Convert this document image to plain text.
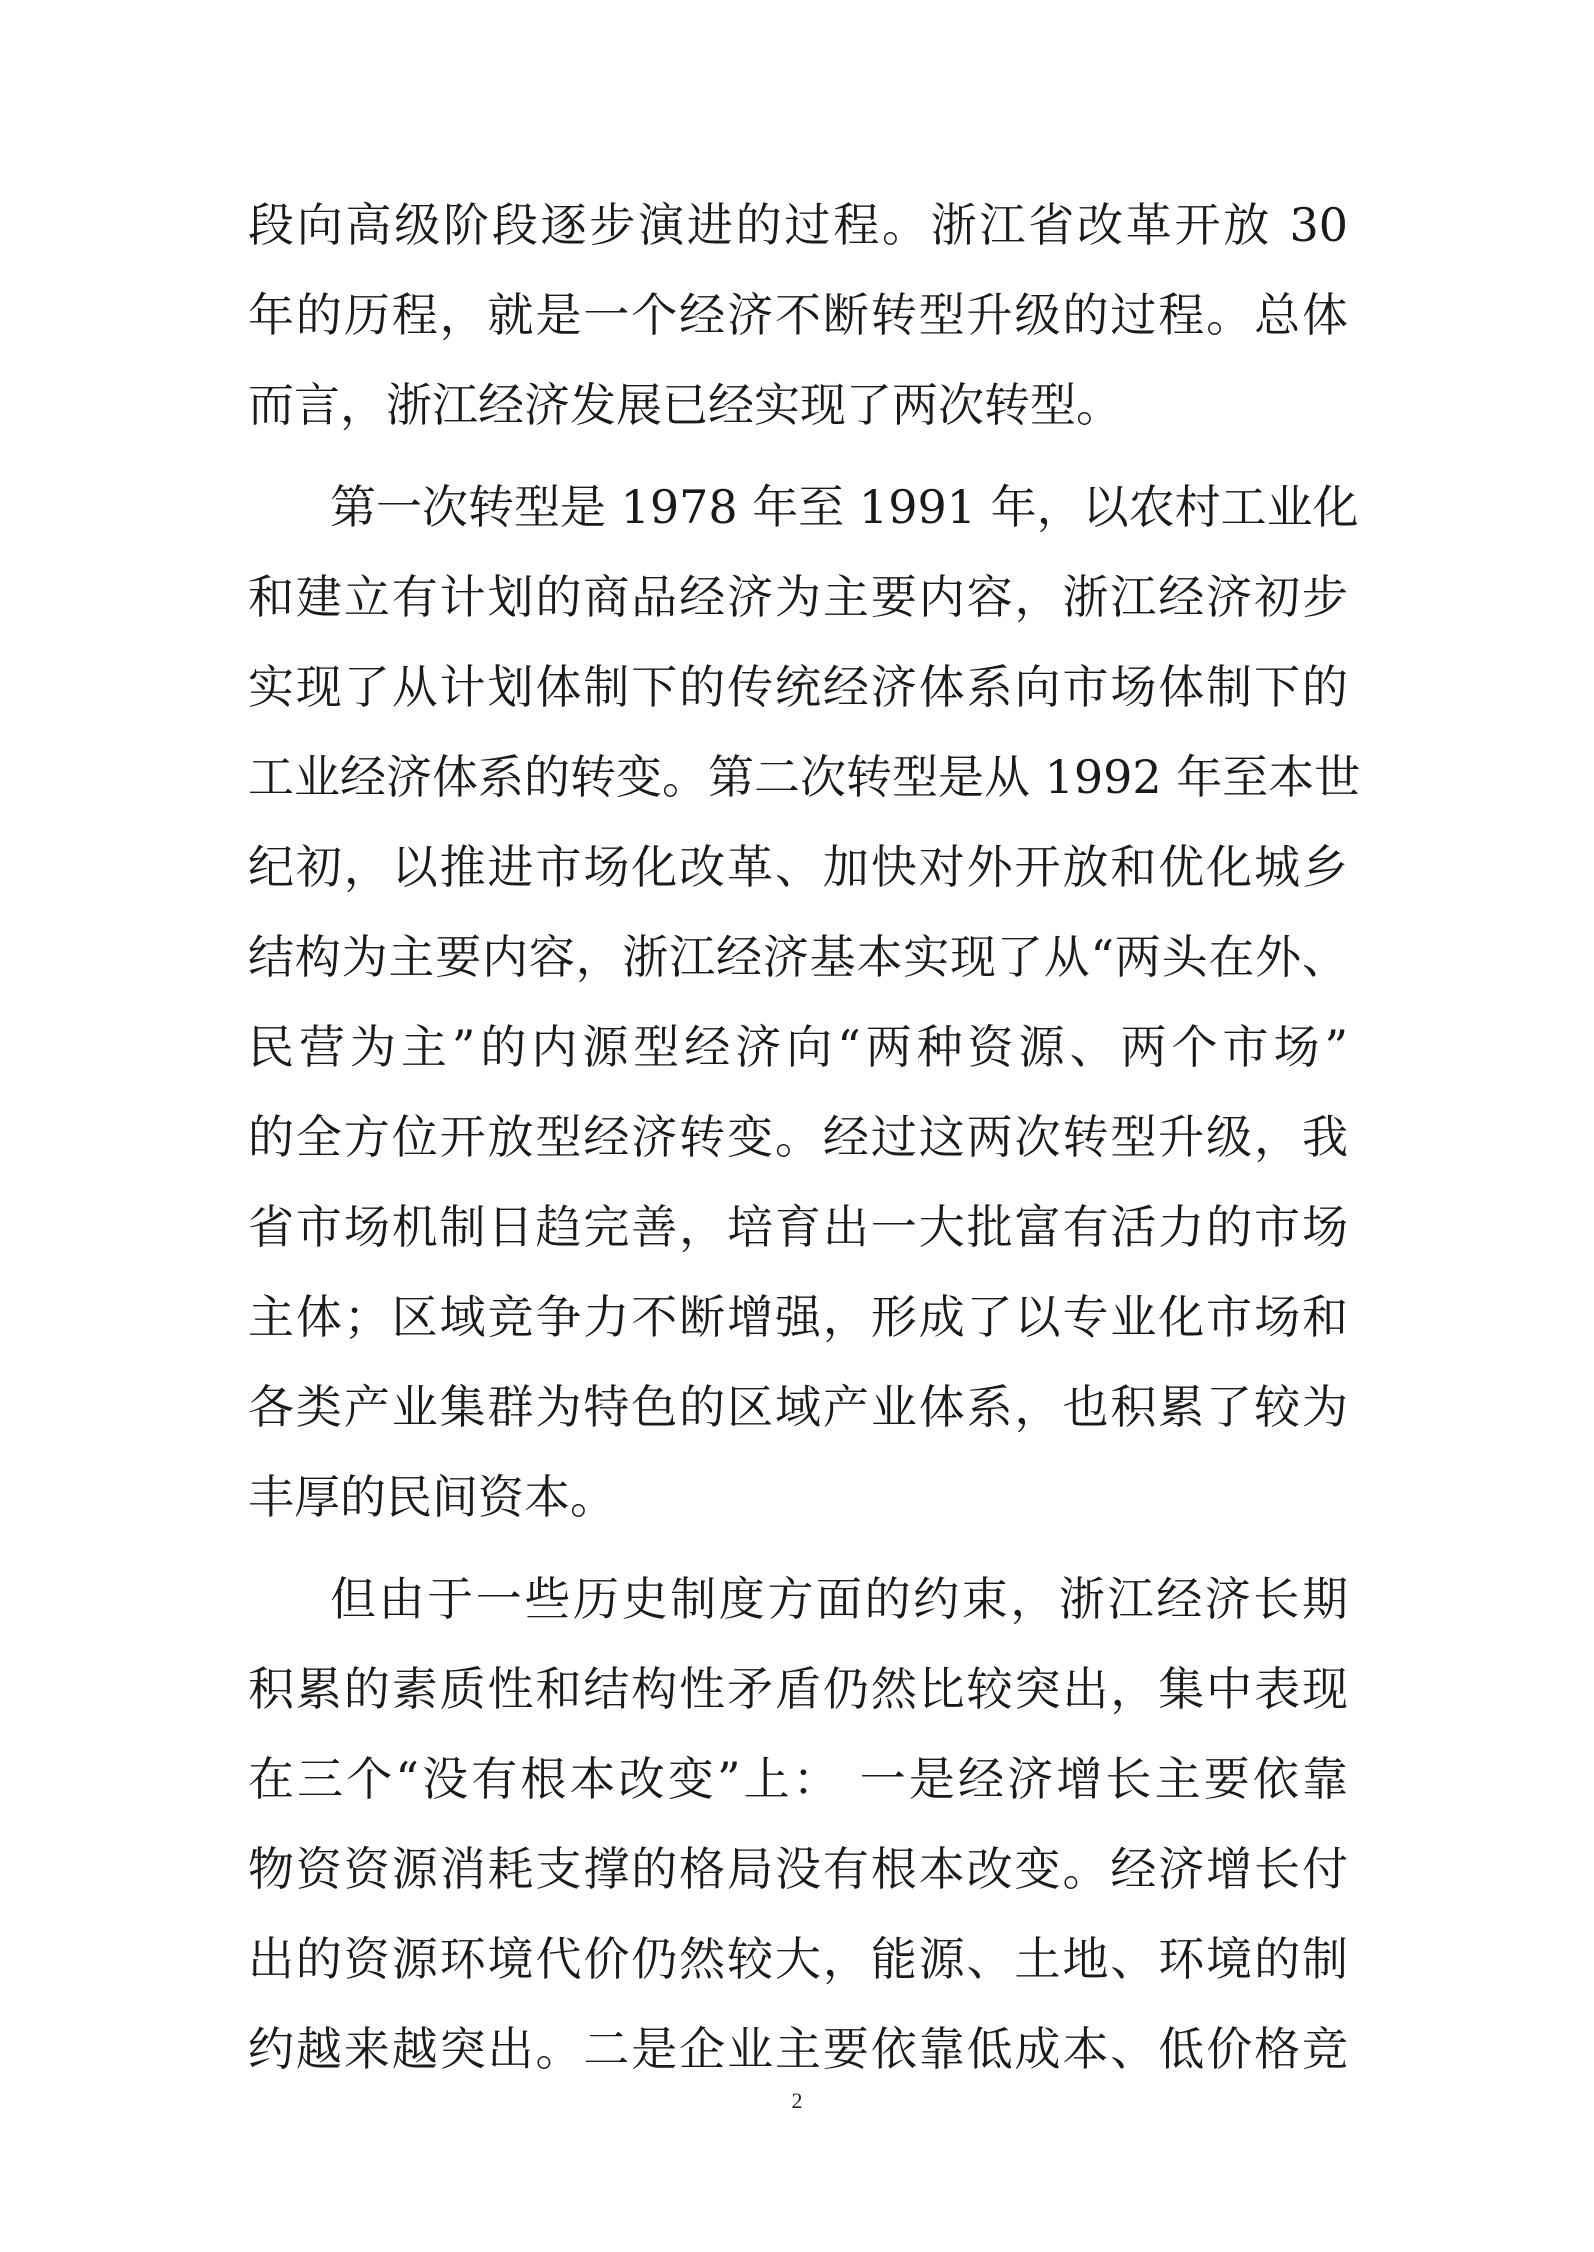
段向高级阶段逐步演进的过程。浙江省改革开放 30
年的历程，就是一个经济不断转型升级的过程。总体
而言，浙江经济发展已经实现了两次转型。
第一次转型是 1978 年至 1991 年，以农村工业化
和建立有计划的商品经济为主要内容，浙江经济初步
实现了从计划体制下的传统经济体系向市场体制下的
工业经济体系的转变。第二次转型是从 1992 年至本世
纪初，以推进市场化改革、加快对外开放和优化城乡
结构为主要内容，浙江经济基本实现了从“两头在外、
民营为主”的内源型经济向“两种资源、两个市场”
的全方位开放型经济转变。经过这两次转型升级，我
省市场机制日趋完善，培育出一大批富有活力的市场
主体；区域竞争力不断增强，形成了以专业化市场和
各类产业集群为特色的区域产业体系，也积累了较为
丰厚的民间资本。
但由于一些历史制度方面的约束，浙江经济长期
积累的素质性和结构性矛盾仍然比较突出，集中表现
在三个“没有根本改变”上： 一是经济增长主要依靠
物资资源消耗支撑的格局没有根本改变。经济增长付
出的资源环境代价仍然较大，能源、土地、环境的制
约越来越突出。二是企业主要依靠低成本、低价格竞
2
